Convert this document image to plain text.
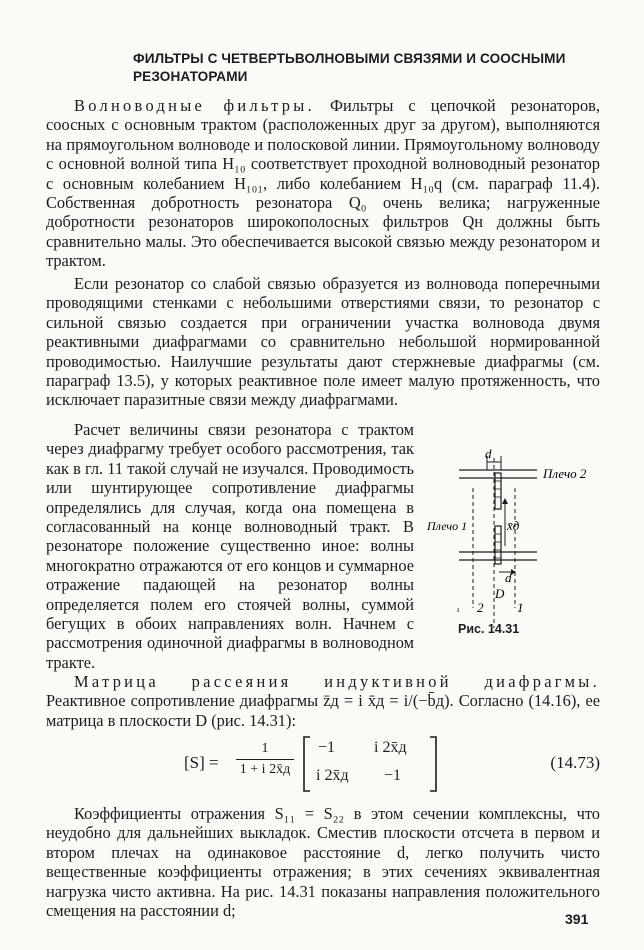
ФИЛЬТРЫ С ЧЕТВЕРТЬВОЛНОВЫМИ СВЯЗЯМИ И СООСНЫМИ РЕЗОНАТОРАМИ

Волноводные фильтры. Фильтры с цепочкой резонаторов, соосных с основным трактом (расположенных друг за другом), выполняются на прямоугольном волноводе и полосковой линии. Прямоугольному волноводу с основной волной типа H₁₀ соответствует проходной волноводный резонатор с основным колебанием H₁₀₁, либо колебанием H₁₀q (см. параграф 11.4). Собственная добротность резонатора Q₀ очень велика; нагруженные добротности резонаторов широкополосных фильтров Qн должны быть сравнительно малы. Это обеспечивается высокой связью между резонатором и трактом.

Если резонатор со слабой связью образуется из волновода поперечными проводящими стенками с небольшими отверстиями связи, то резонатор с сильной связью создается при ограничении участка волновода двумя реактивными диафрагмами со сравнительно небольшой нормированной проводимостью. Наилучшие результаты дают стержневые диафрагмы (см. параграф 13.5), у которых реактивное поле имеет малую протяженность, что исключает паразитные связи между диафрагмами.

Расчет величины связи резонатора с трактом через диафрагму требует особого рассмотрения, так как в гл. 11 такой случай не изучался. Проводимость или шунтирующее сопротивление диафрагмы определялись для случая, когда она помещена в согласованный на конце волноводный тракт. В резонаторе положение существенно иное: волны многократно отражаются от его концов и суммарное отражение падающей на резонатор волны определяется полем его стоячей волны, суммой бегущих в обоих направлениях волн. Начнем с рассмотрения одиночной диафрагмы в волноводном тракте.

d
Плечо 2
x̄д
Плечо 1
d
D
ı 2	1
Рис. 14.31

Матрица рассеяния индуктивной диафрагмы. Реактивное сопротивление диафрагмы z̄д = i x̄д = i/(−b̄д). Согласно (14.16), ее матрица в плоскости D (рис. 14.31):

[S] =
1
1 + i 2x̄д
−1 i 2x̄д
i 2x̄д −1
(14.73)

Коэффициенты отражения S₁₁ = S₂₂ в этом сечении комплексны, что неудобно для дальнейших выкладок. Сместив плоскости отсчета в первом и втором плечах на одинаковое расстояние d, легко получить чисто вещественные коэффициенты отражения; в этих сечениях эквивалентная нагрузка чисто активна. На рис. 14.31 показаны направления положительного смещения на расстоянии d;	391
